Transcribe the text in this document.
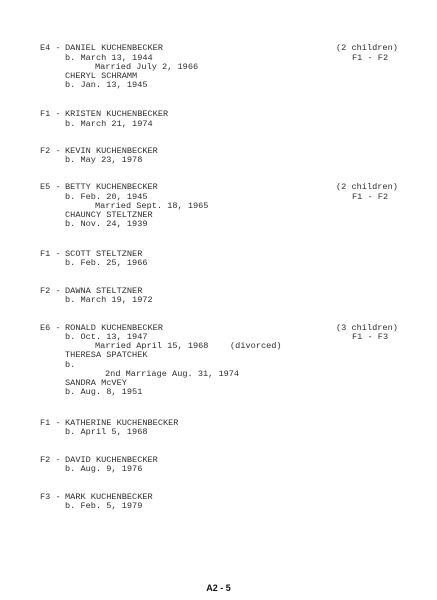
E4 - DANIEL KUCHENBECKER
b. March 13, 1944
Married July 2, 1966
CHERYL SCHRAMM
b. Jan. 13, 1945
(2 children)
F1 - F2
F1 - KRISTEN KUCHENBECKER
b. March 21, 1974
F2 - KEVIN KUCHENBECKER
b. May 23, 1978
E5 - BETTY KUCHENBECKER
b. Feb. 20, 1945
Married Sept. 18, 1965
CHAUNCY STELTZNER
b. Nov. 24, 1939
(2 children)
F1 - F2
F1 - SCOTT STELTZNER
b. Feb. 25, 1966
F2 - DAWNA STELTZNER
b. March 19, 1972
E6 - RONALD KUCHENBECKER
b. Oct. 13, 1947
Married April 15, 1968	(divorced)
THERESA SPATCHEK
b.
2nd Marriage Aug. 31, 1974
SANDRA McVEY
b. Aug. 8, 1951
(3 children)
F1 - F3
F1 - KATHERINE KUCHENBECKER
b. April 5, 1968
F2 - DAVID KUCHENBECKER
b. Aug. 9, 1976
F3 - MARK KUCHENBECKER
b. Feb. 5, 1979
A2 - 5
